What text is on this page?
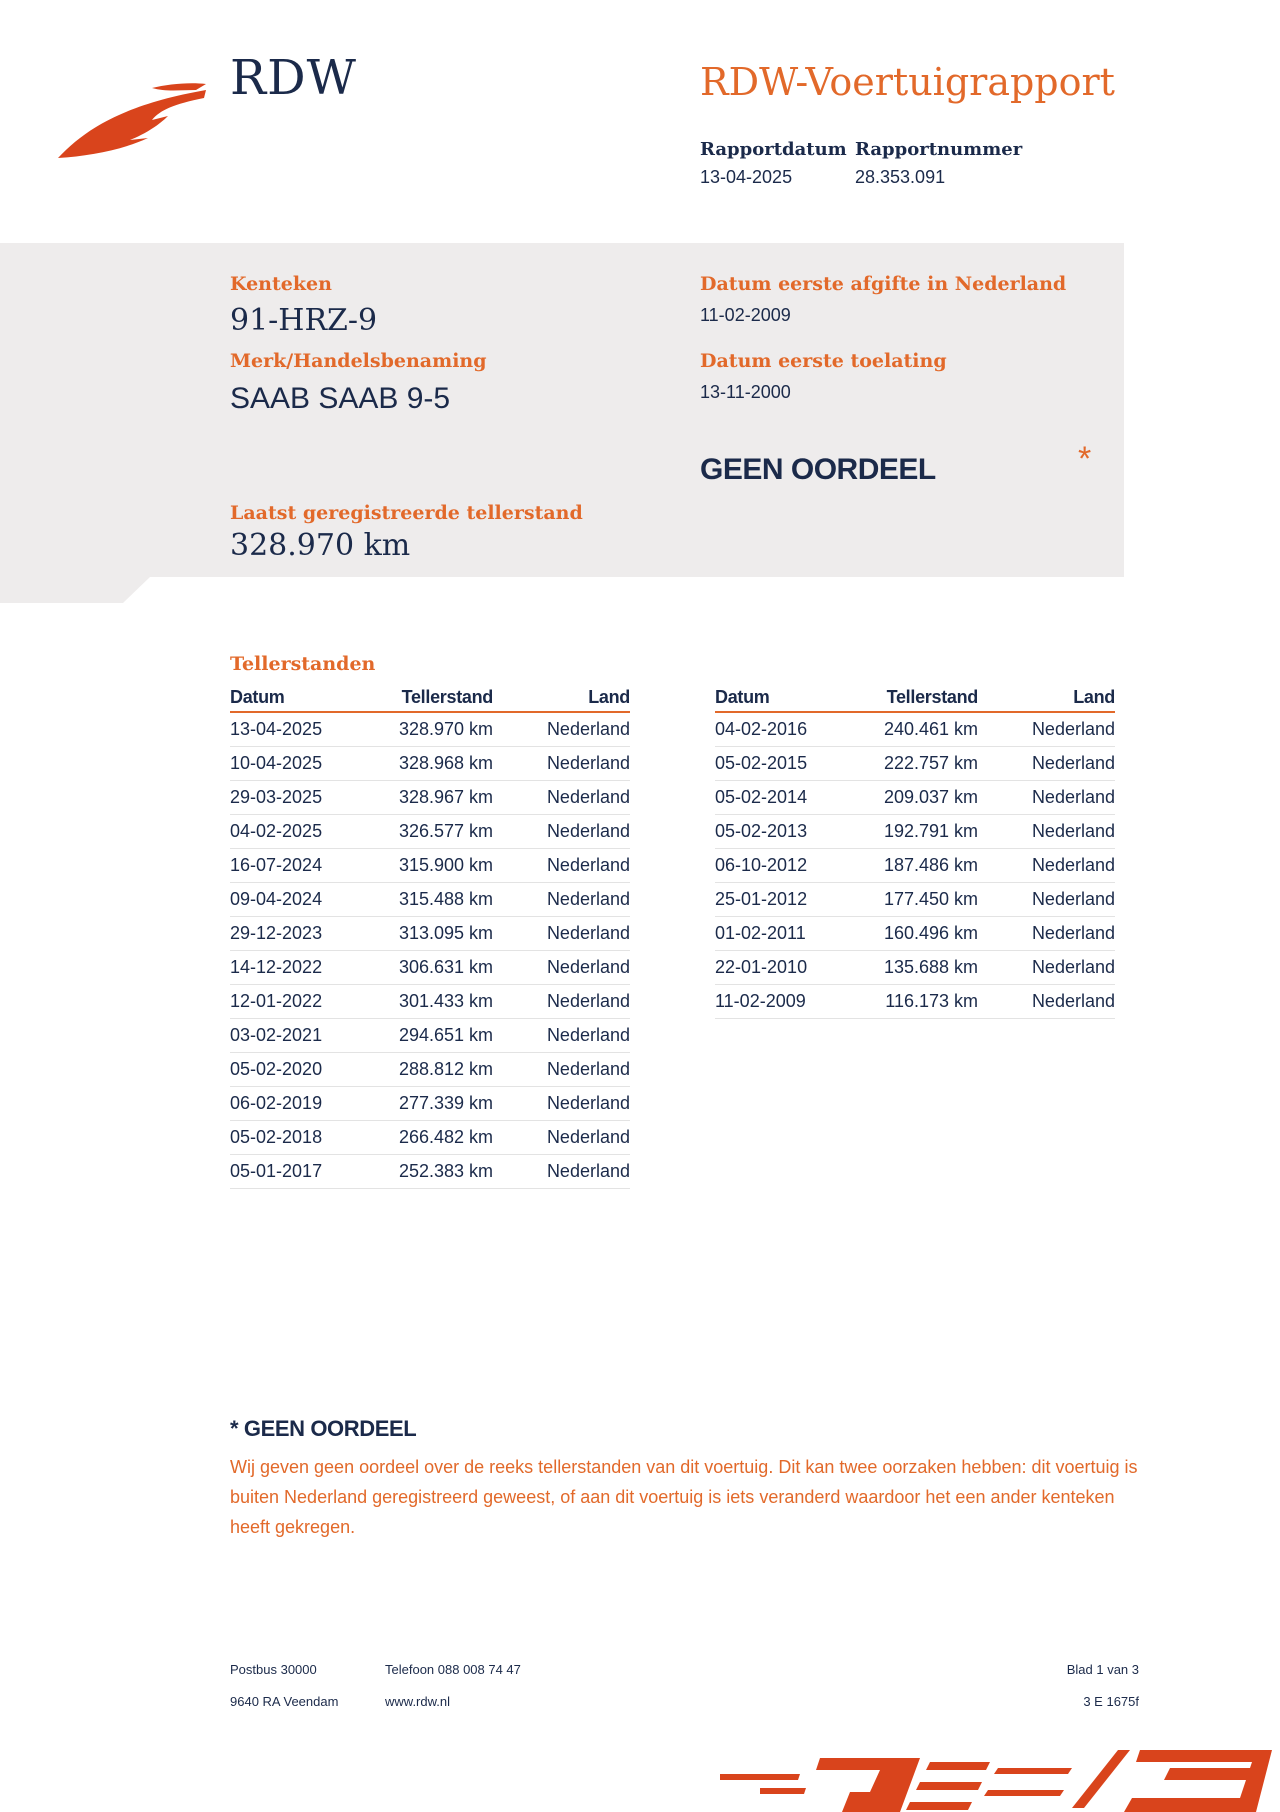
RDW	RDW-Voertuigrapport
Rapportdatum
13-04-2025
Rapportnummer
28.353.091
Kenteken
91-HRZ-9
Merk/Handelsbenaming
SAAB SAAB 9-5
Datum eerste afgifte in Nederland
11-02-2009
Datum eerste toelating
13-11-2000
GEEN OORDEEL	*
Laatst geregistreerde tellerstand
328.970 km
Tellerstanden
Datum	Tellerstand	Land
13-04-2025	328.970 km	Nederland
10-04-2025	328.968 km	Nederland
29-03-2025	328.967 km	Nederland
04-02-2025	326.577 km	Nederland
16-07-2024	315.900 km	Nederland
09-04-2024	315.488 km	Nederland
29-12-2023	313.095 km	Nederland
14-12-2022	306.631 km	Nederland
12-01-2022	301.433 km	Nederland
03-02-2021	294.651 km	Nederland
05-02-2020	288.812 km	Nederland
06-02-2019	277.339 km	Nederland
05-02-2018	266.482 km	Nederland
05-01-2017	252.383 km	Nederland
Datum	Tellerstand	Land
04-02-2016	240.461 km	Nederland
05-02-2015	222.757 km	Nederland
05-02-2014	209.037 km	Nederland
05-02-2013	192.791 km	Nederland
06-10-2012	187.486 km	Nederland
25-01-2012	177.450 km	Nederland
01-02-2011	160.496 km	Nederland
22-01-2010	135.688 km	Nederland
11-02-2009	116.173 km	Nederland
* GEEN OORDEEL
Wij geven geen oordeel over de reeks tellerstanden van dit voertuig. Dit kan twee oorzaken hebben: dit voertuig is buiten Nederland geregistreerd geweest, of aan dit voertuig is iets veranderd waardoor het een ander kenteken heeft gekregen.
Postbus 30000
9640 RA Veendam
Telefoon 088 008 74 47
www.rdw.nl
Blad 1 van 3
3 E 1675f
